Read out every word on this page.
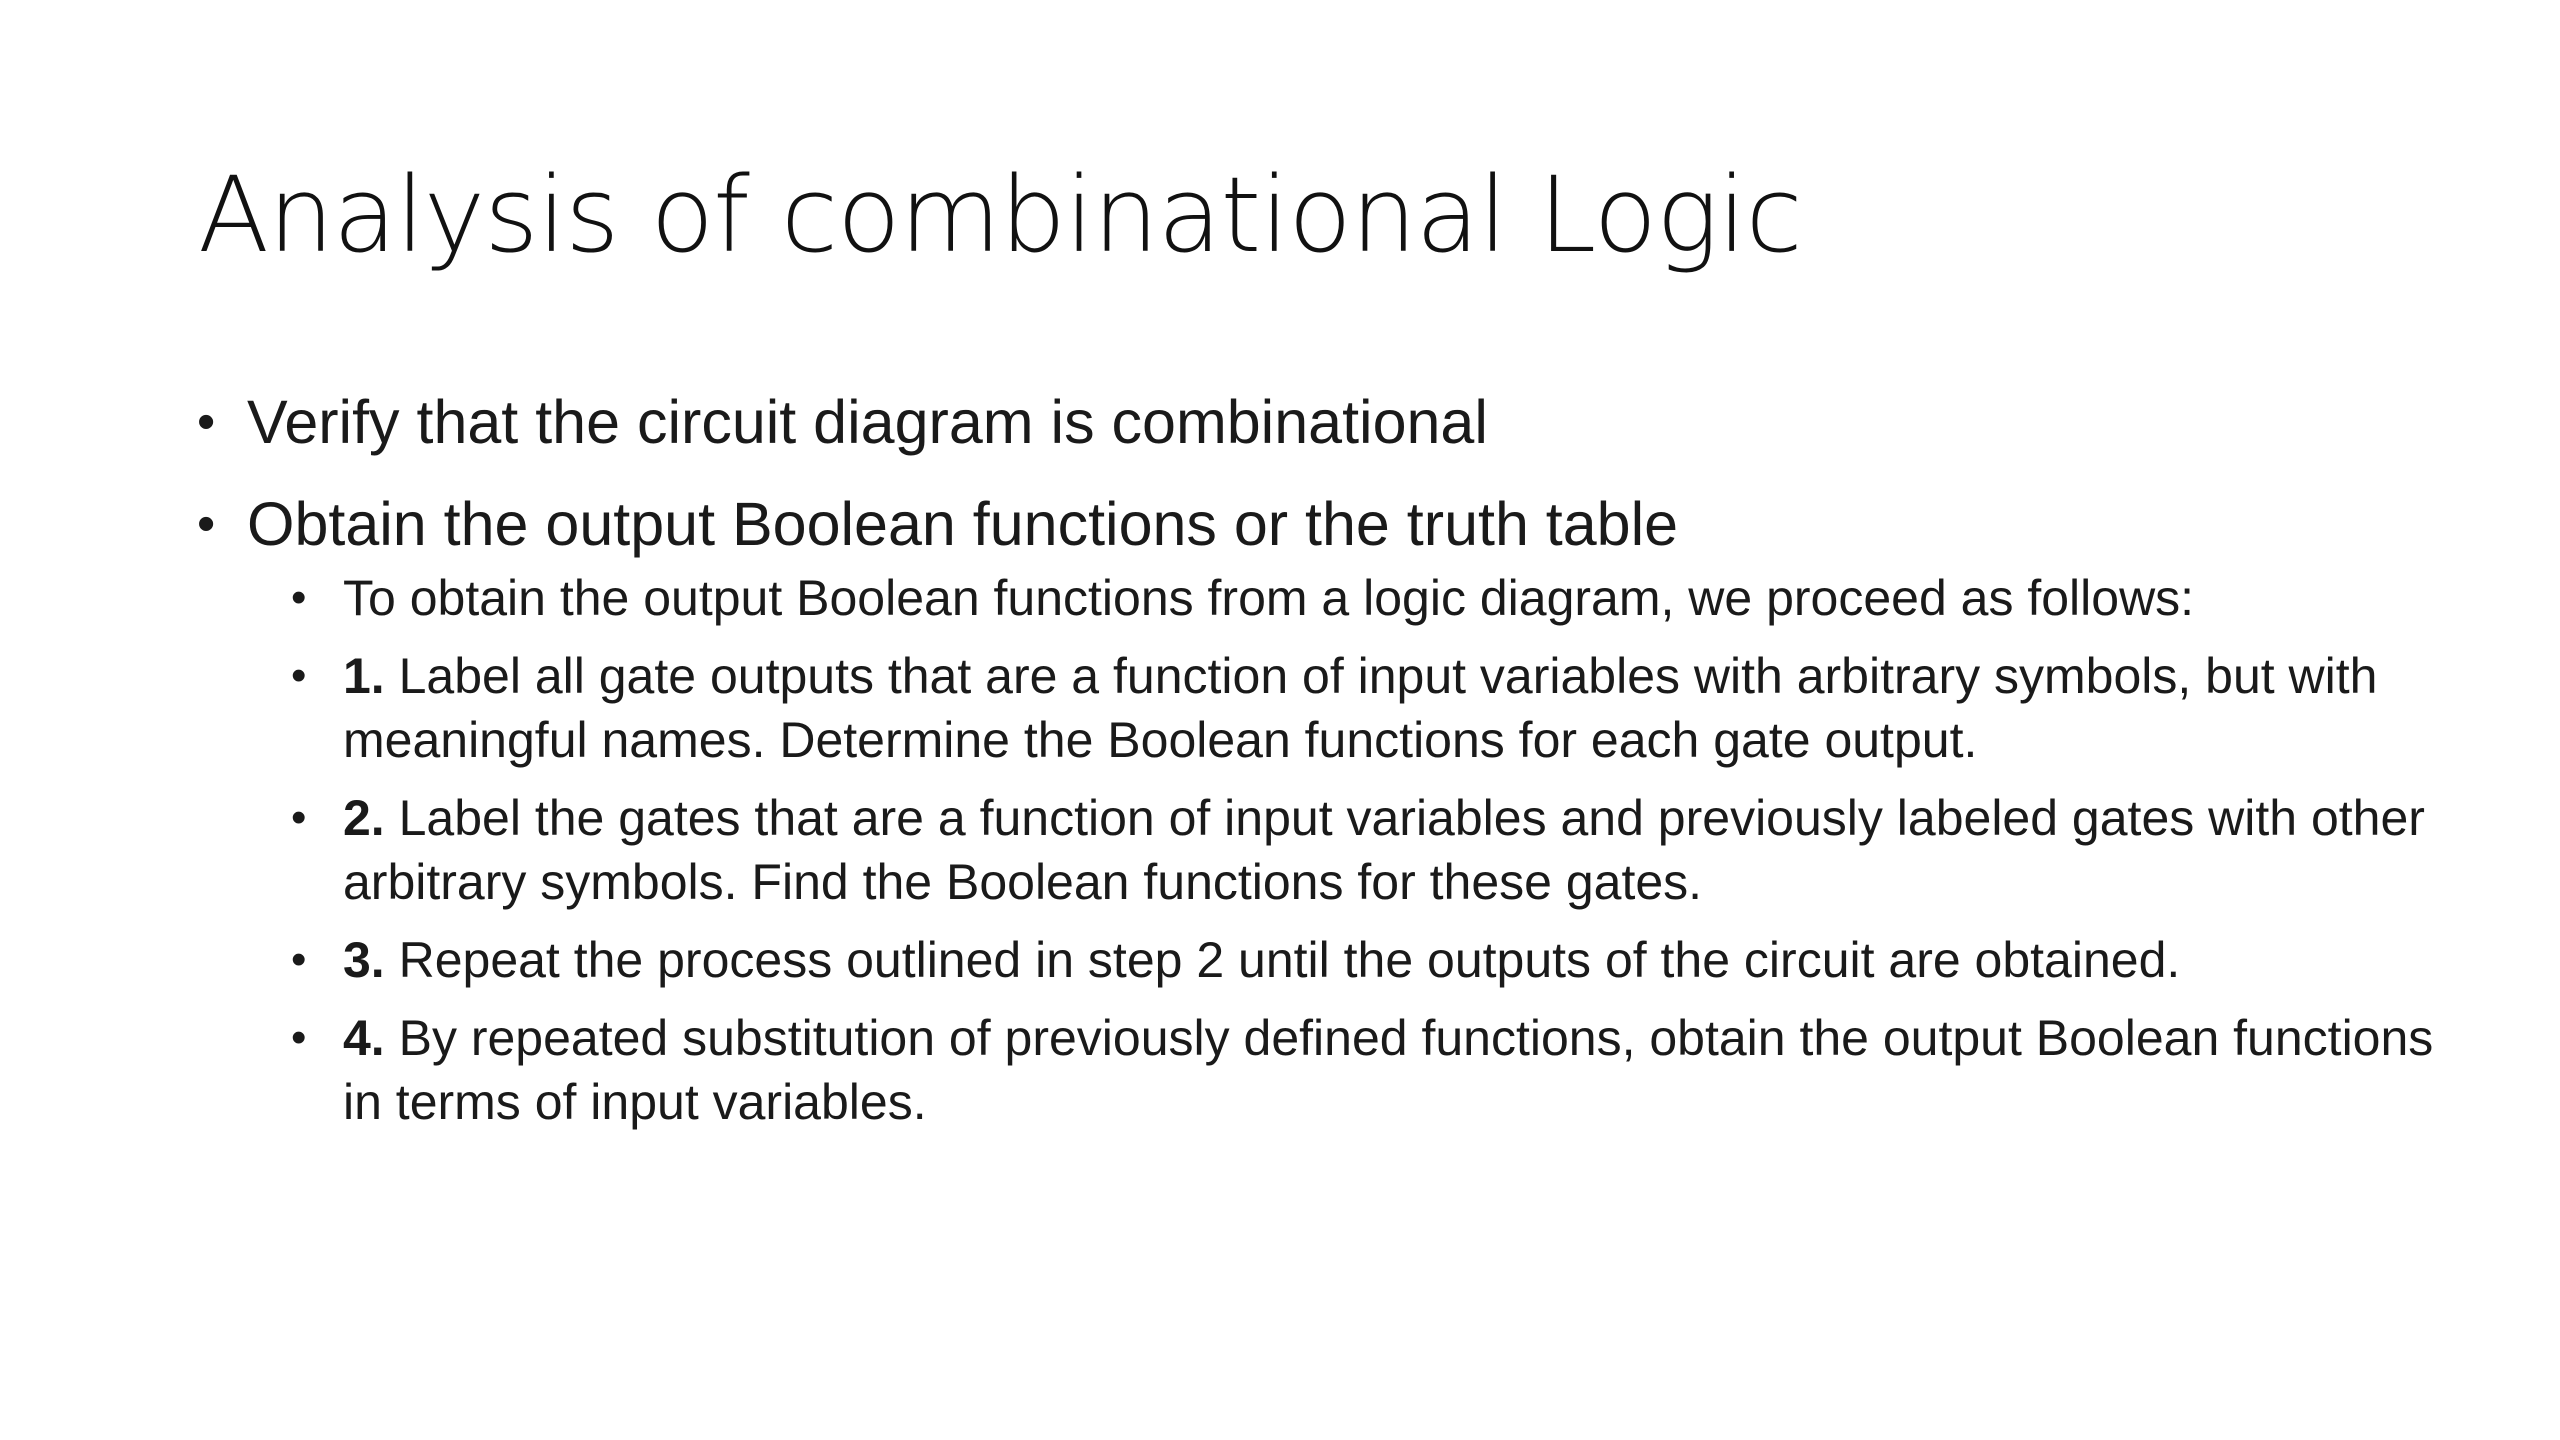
Analysis of combinational Logic
• Verify that the circuit diagram is combinational
• Obtain the output Boolean functions or the truth table
• To obtain the output Boolean functions from a logic diagram, we proceed as follows:
• 1. Label all gate outputs that are a function of input variables with arbitrary symbols, but with meaningful names. Determine the Boolean functions for each gate output.
• 2. Label the gates that are a function of input variables and previously labeled gates with other arbitrary symbols. Find the Boolean functions for these gates.
• 3. Repeat the process outlined in step 2 until the outputs of the circuit are obtained.
• 4. By repeated substitution of previously defined functions, obtain the output Boolean functions in terms of input variables.
